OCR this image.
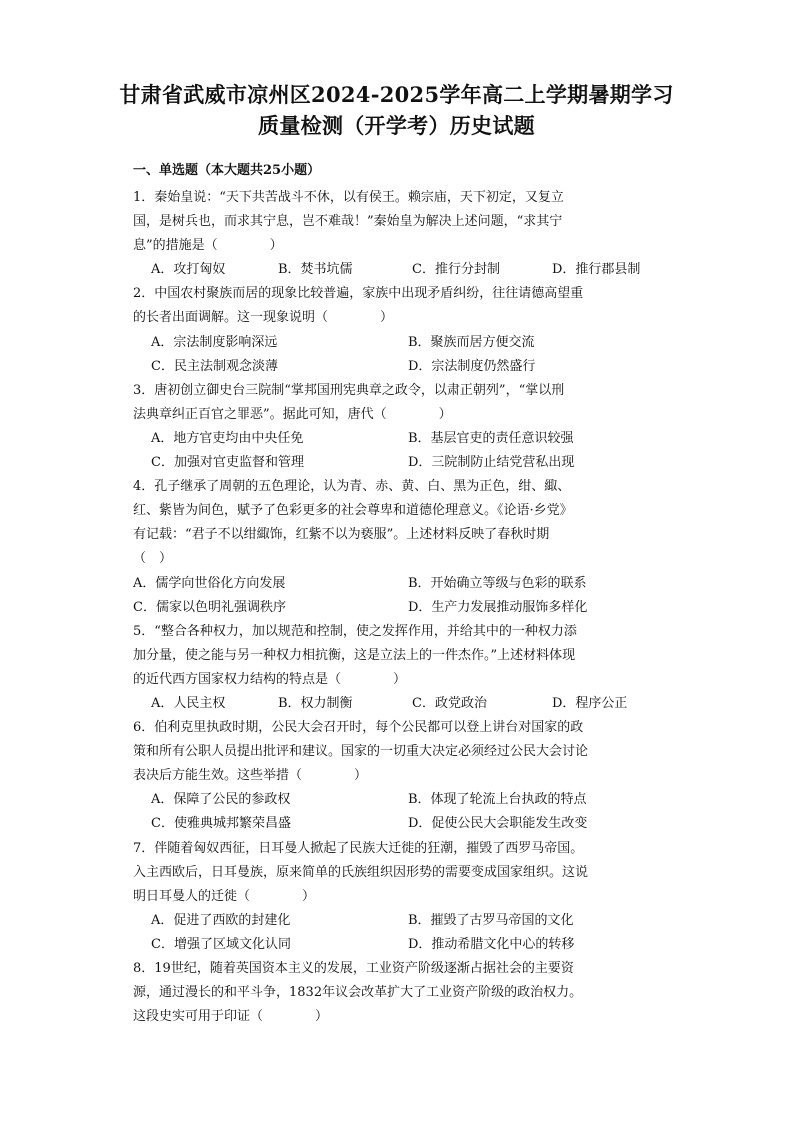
甘肃省武威市凉州区2024-2025学年高二上学期暑期学习
质量检测（开学考）历史试题
一、单选题（本大题共25小题）

1．秦始皇说：“天下共苦战斗不休，以有侯王。赖宗庙，天下初定，又复立

国，是树兵也，而求其宁息，岂不难哉！”秦始皇为解决上述问题，“求其宁

息”的措施是（　　　　）

A．攻打匈奴	B．焚书坑儒	C．推行分封制	D．推行郡县制

2．中国农村聚族而居的现象比较普遍，家族中出现矛盾纠纷，往往请德高望重

的长者出面调解。这一现象说明（　　　　）

A．宗法制度影响深远	B．聚族而居方便交流
C．民主法制观念淡薄	D．宗法制度仍然盛行

3．唐初创立御史台三院制“掌邦国刑宪典章之政令，以肃正朝列”，“掌以刑

法典章纠正百官之罪恶”。据此可知，唐代（　　　　）

A．地方官吏均由中央任免	B．基层官吏的责任意识较强
C．加强对官吏监督和管理	D．三院制防止结党营私出现

4．孔子继承了周朝的五色理论，认为青、赤、黄、白、黑为正色，绀、緅、

红、紫皆为间色，赋予了色彩更多的社会尊卑和道德伦理意义。《论语·乡党》

有记载：“君子不以绀緅饰，红紫不以为亵服”。上述材料反映了春秋时期

（　）

A．儒学向世俗化方向发展	B．开始确立等级与色彩的联系
C．儒家以色明礼强调秩序	D．生产力发展推动服饰多样化

5．“整合各种权力，加以规范和控制，使之发挥作用，并给其中的一种权力添

加分量，使之能与另一种权力相抗衡，这是立法上的一件杰作。”上述材料体现

的近代西方国家权力结构的特点是（　　　　）

A．人民主权	B．权力制衡	C．政党政治	D．程序公正

6．伯利克里执政时期，公民大会召开时，每个公民都可以登上讲台对国家的政

策和所有公职人员提出批评和建议。国家的一切重大决定必须经过公民大会讨论

表决后方能生效。这些举措（　　　　）

A．保障了公民的参政权	B．体现了轮流上台执政的特点
C．使雅典城邦繁荣昌盛	D．促使公民大会职能发生改变

7．伴随着匈奴西征，日耳曼人掀起了民族大迁徙的狂潮，摧毁了西罗马帝国。

入主西欧后，日耳曼族，原来简单的氏族组织因形势的需要变成国家组织。这说

明日耳曼人的迁徙（　　　　）

A．促进了西欧的封建化	B．摧毁了古罗马帝国的文化
C．增强了区域文化认同	D．推动希腊文化中心的转移

8．19世纪，随着英国资本主义的发展，工业资产阶级逐渐占据社会的主要资

源，通过漫长的和平斗争，1832年议会改革扩大了工业资产阶级的政治权力。

这段史实可用于印证（　　　　）
